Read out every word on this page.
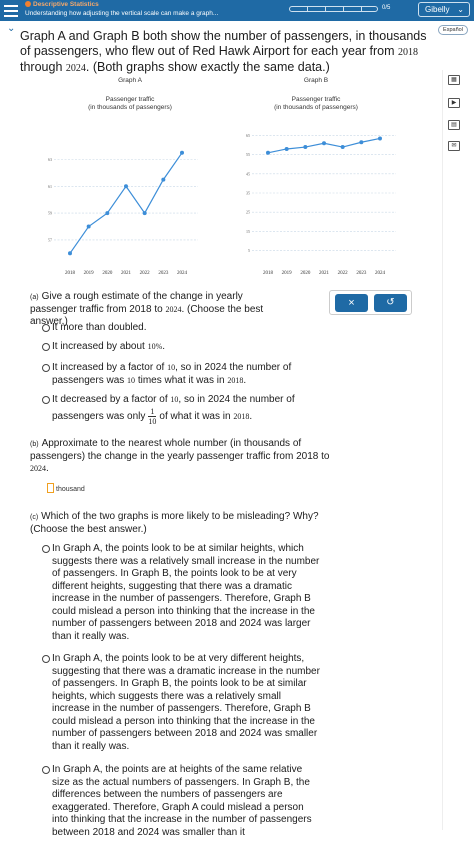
Descriptive Statistics
Understanding how adjusting the vertical scale can make a graph...
0/5	Gibelly ⌄
⌄	Español
▦
▶
▤
✉
Graph A and Graph B both show the number of passengers, in thousands of passengers, who flew out of Red Hawk Airport for each year from 2018 through 2024. (Both graphs show exactly the same data.)
Graph A
Passenger traffic
(in thousands of passengers)
57
59
61
63
2018 2019 2020 2021 2022 2023 2024
Graph B
Passenger traffic
(in thousands of passengers)
5
15
25
35
45
55
65
2018 2019 2020 2021 2022 2023 2024
(a) Give a rough estimate of the change in yearly passenger traffic from 2018 to 2024. (Choose the best answer.)
×	↺
It more than doubled.
It increased by about 10%.
It increased by a factor of 10, so in 2024 the number of passengers was 10 times what it was in 2018.
It decreased by a factor of 10, so in 2024 the number of passengers was only $\frac{1}{10}$ of what it was in 2018.
(b) Approximate to the nearest whole number (in thousands of passengers) the change in the yearly passenger traffic from 2018 to 2024.
thousand
(c) Which of the two graphs is more likely to be misleading? Why? (Choose the best answer.)
In Graph A, the points look to be at similar heights, which suggests there was a relatively small increase in the number of passengers. In Graph B, the points look to be at very different heights, suggesting that there was a dramatic increase in the number of passengers. Therefore, Graph B could mislead a person into thinking that the increase in the number of passengers between 2018 and 2024 was larger than it really was.
In Graph A, the points look to be at very different heights, suggesting that there was a dramatic increase in the number of passengers. In Graph B, the points look to be at similar heights, which suggests there was a relatively small increase in the number of passengers. Therefore, Graph B could mislead a person into thinking that the increase in the number of passengers between 2018 and 2024 was smaller than it really was.
In Graph A, the points are at heights of the same relative size as the actual numbers of passengers. In Graph B, the differences between the numbers of passengers are exaggerated. Therefore, Graph A could mislead a person into thinking that the increase in the number of passengers between 2018 and 2024 was smaller than it
